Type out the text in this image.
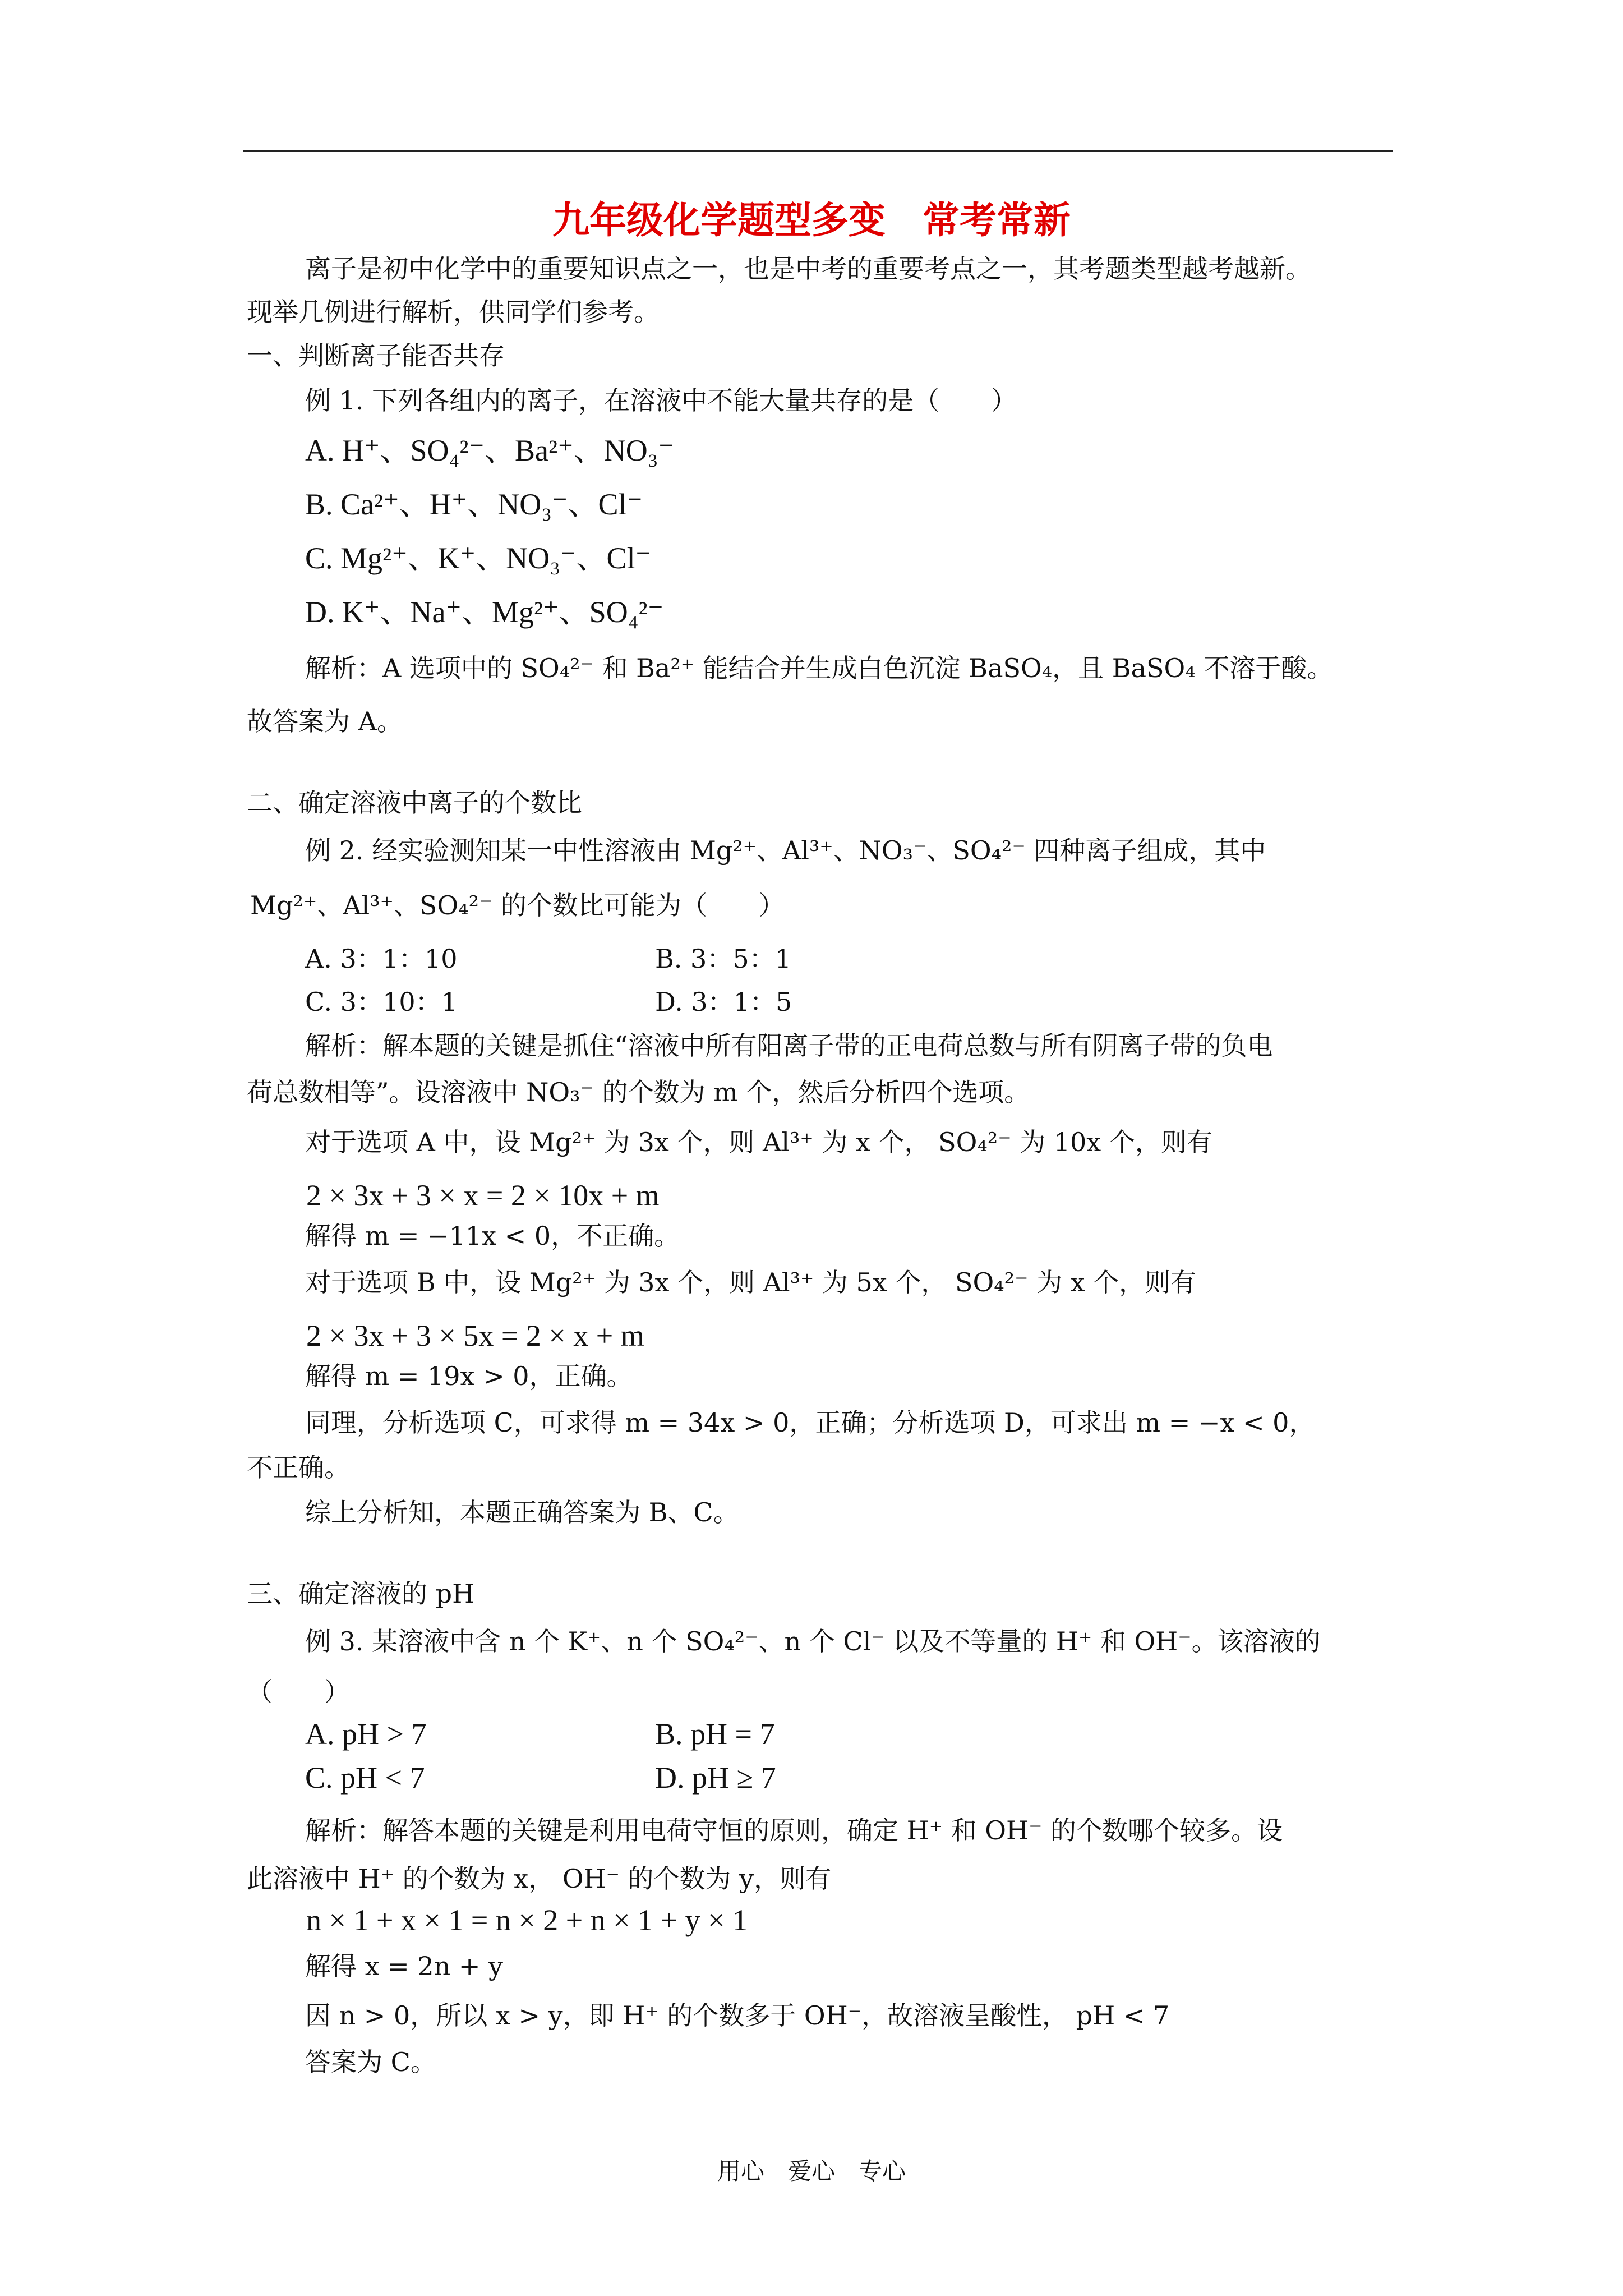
九年级化学题型多变　常考常新
离子是初中化学中的重要知识点之一，也是中考的重要考点之一，其考题类型越考越新。
现举几例进行解析，供同学们参考。
一、判断离子能否共存
例 1. 下列各组内的离子，在溶液中不能大量共存的是（　　）
A. H⁺、SO₄²⁻、Ba²⁺、NO₃⁻
B. Ca²⁺、H⁺、NO₃⁻、Cl⁻
C. Mg²⁺、K⁺、NO₃⁻、Cl⁻
D. K⁺、Na⁺、Mg²⁺、SO₄²⁻
解析：A 选项中的 SO₄²⁻ 和 Ba²⁺ 能结合并生成白色沉淀 BaSO₄，且 BaSO₄ 不溶于酸。
故答案为 A。
二、确定溶液中离子的个数比
例 2. 经实验测知某一中性溶液由 Mg²⁺、Al³⁺、NO₃⁻、SO₄²⁻ 四种离子组成，其中
Mg²⁺、Al³⁺、SO₄²⁻ 的个数比可能为（　　）
A. 3：1：10	B. 3：5：1
C. 3：10：1	D. 3：1：5
解析：解本题的关键是抓住“溶液中所有阳离子带的正电荷总数与所有阴离子带的负电
荷总数相等”。设溶液中 NO₃⁻ 的个数为 m 个，然后分析四个选项。
对于选项 A 中，设 Mg²⁺ 为 3x 个，则 Al³⁺ 为 x 个， SO₄²⁻ 为 10x 个，则有
2 × 3x + 3 × x = 2 × 10x + m
解得 m = −11x < 0，不正确。
对于选项 B 中，设 Mg²⁺ 为 3x 个，则 Al³⁺ 为 5x 个， SO₄²⁻ 为 x 个，则有
2 × 3x + 3 × 5x = 2 × x + m
解得 m = 19x > 0，正确。
同理，分析选项 C，可求得 m = 34x > 0，正确；分析选项 D，可求出 m = −x < 0，
不正确。
综上分析知，本题正确答案为 B、C。
三、确定溶液的 pH
例 3. 某溶液中含 n 个 K⁺、n 个 SO₄²⁻、n 个 Cl⁻ 以及不等量的 H⁺ 和 OH⁻。该溶液的
（　　）
A. pH > 7	B. pH = 7
C. pH < 7	D. pH ≥ 7
解析：解答本题的关键是利用电荷守恒的原则，确定 H⁺ 和 OH⁻ 的个数哪个较多。设
此溶液中 H⁺ 的个数为 x， OH⁻ 的个数为 y，则有
n × 1 + x × 1 = n × 2 + n × 1 + y × 1
解得 x = 2n + y
因 n > 0，所以 x > y，即 H⁺ 的个数多于 OH⁻，故溶液呈酸性， pH < 7
答案为 C。
用心　爱心　专心
